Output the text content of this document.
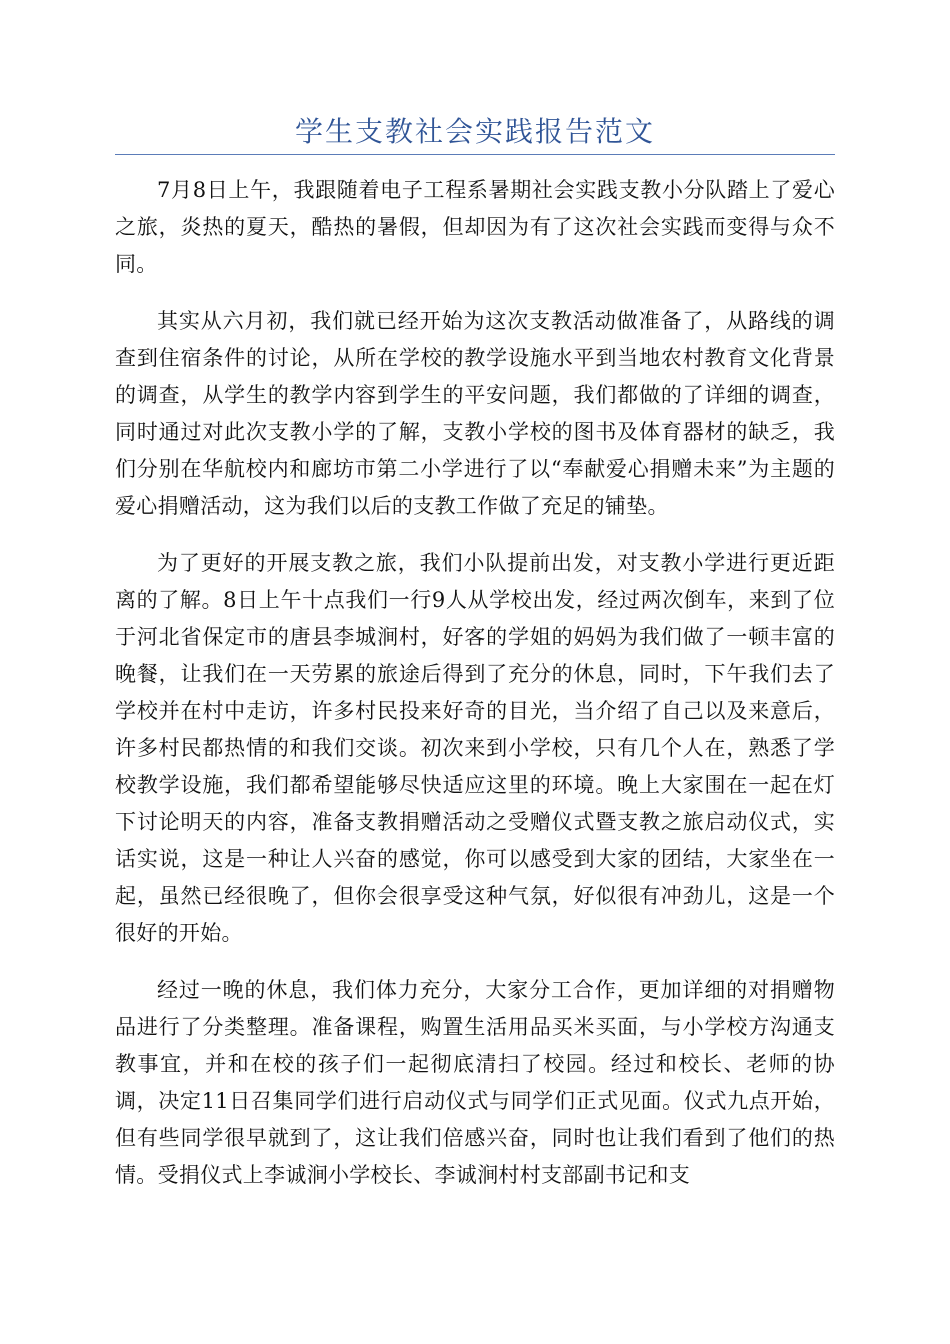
学生支教社会实践报告范文

7月8日上午，我跟随着电子工程系暑期社会实践支教小分队踏上了爱心之旅，炎热的夏天，酷热的暑假，但却因为有了这次社会实践而变得与众不同。

其实从六月初，我们就已经开始为这次支教活动做准备了，从路线的调查到住宿条件的讨论，从所在学校的教学设施水平到当地农村教育文化背景的调查，从学生的教学内容到学生的平安问题，我们都做的了详细的调查，同时通过对此次支教小学的了解，支教小学校的图书及体育器材的缺乏，我们分别在华航校内和廊坊市第二小学进行了以“奉献爱心捐赠未来”为主题的爱心捐赠活动，这为我们以后的支教工作做了充足的铺垫。

为了更好的开展支教之旅，我们小队提前出发，对支教小学进行更近距离的了解。8日上午十点我们一行9人从学校出发，经过两次倒车，来到了位于河北省保定市的唐县李城涧村，好客的学姐的妈妈为我们做了一顿丰富的晚餐，让我们在一天劳累的旅途后得到了充分的休息，同时，下午我们去了学校并在村中走访，许多村民投来好奇的目光，当介绍了自己以及来意后，许多村民都热情的和我们交谈。初次来到小学校，只有几个人在，熟悉了学校教学设施，我们都希望能够尽快适应这里的环境。晚上大家围在一起在灯下讨论明天的内容，准备支教捐赠活动之受赠仪式暨支教之旅启动仪式，实话实说，这是一种让人兴奋的感觉，你可以感受到大家的团结，大家坐在一起，虽然已经很晚了，但你会很享受这种气氛，好似很有冲劲儿，这是一个很好的开始。

经过一晚的休息，我们体力充分，大家分工合作，更加详细的对捐赠物品进行了分类整理。准备课程，购置生活用品买米买面，与小学校方沟通支教事宜，并和在校的孩子们一起彻底清扫了校园。经过和校长、老师的协调，决定11日召集同学们进行启动仪式与同学们正式见面。仪式九点开始，但有些同学很早就到了，这让我们倍感兴奋，同时也让我们看到了他们的热情。受捐仪式上李诚涧小学校长、李诚涧村村支部副书记和支
